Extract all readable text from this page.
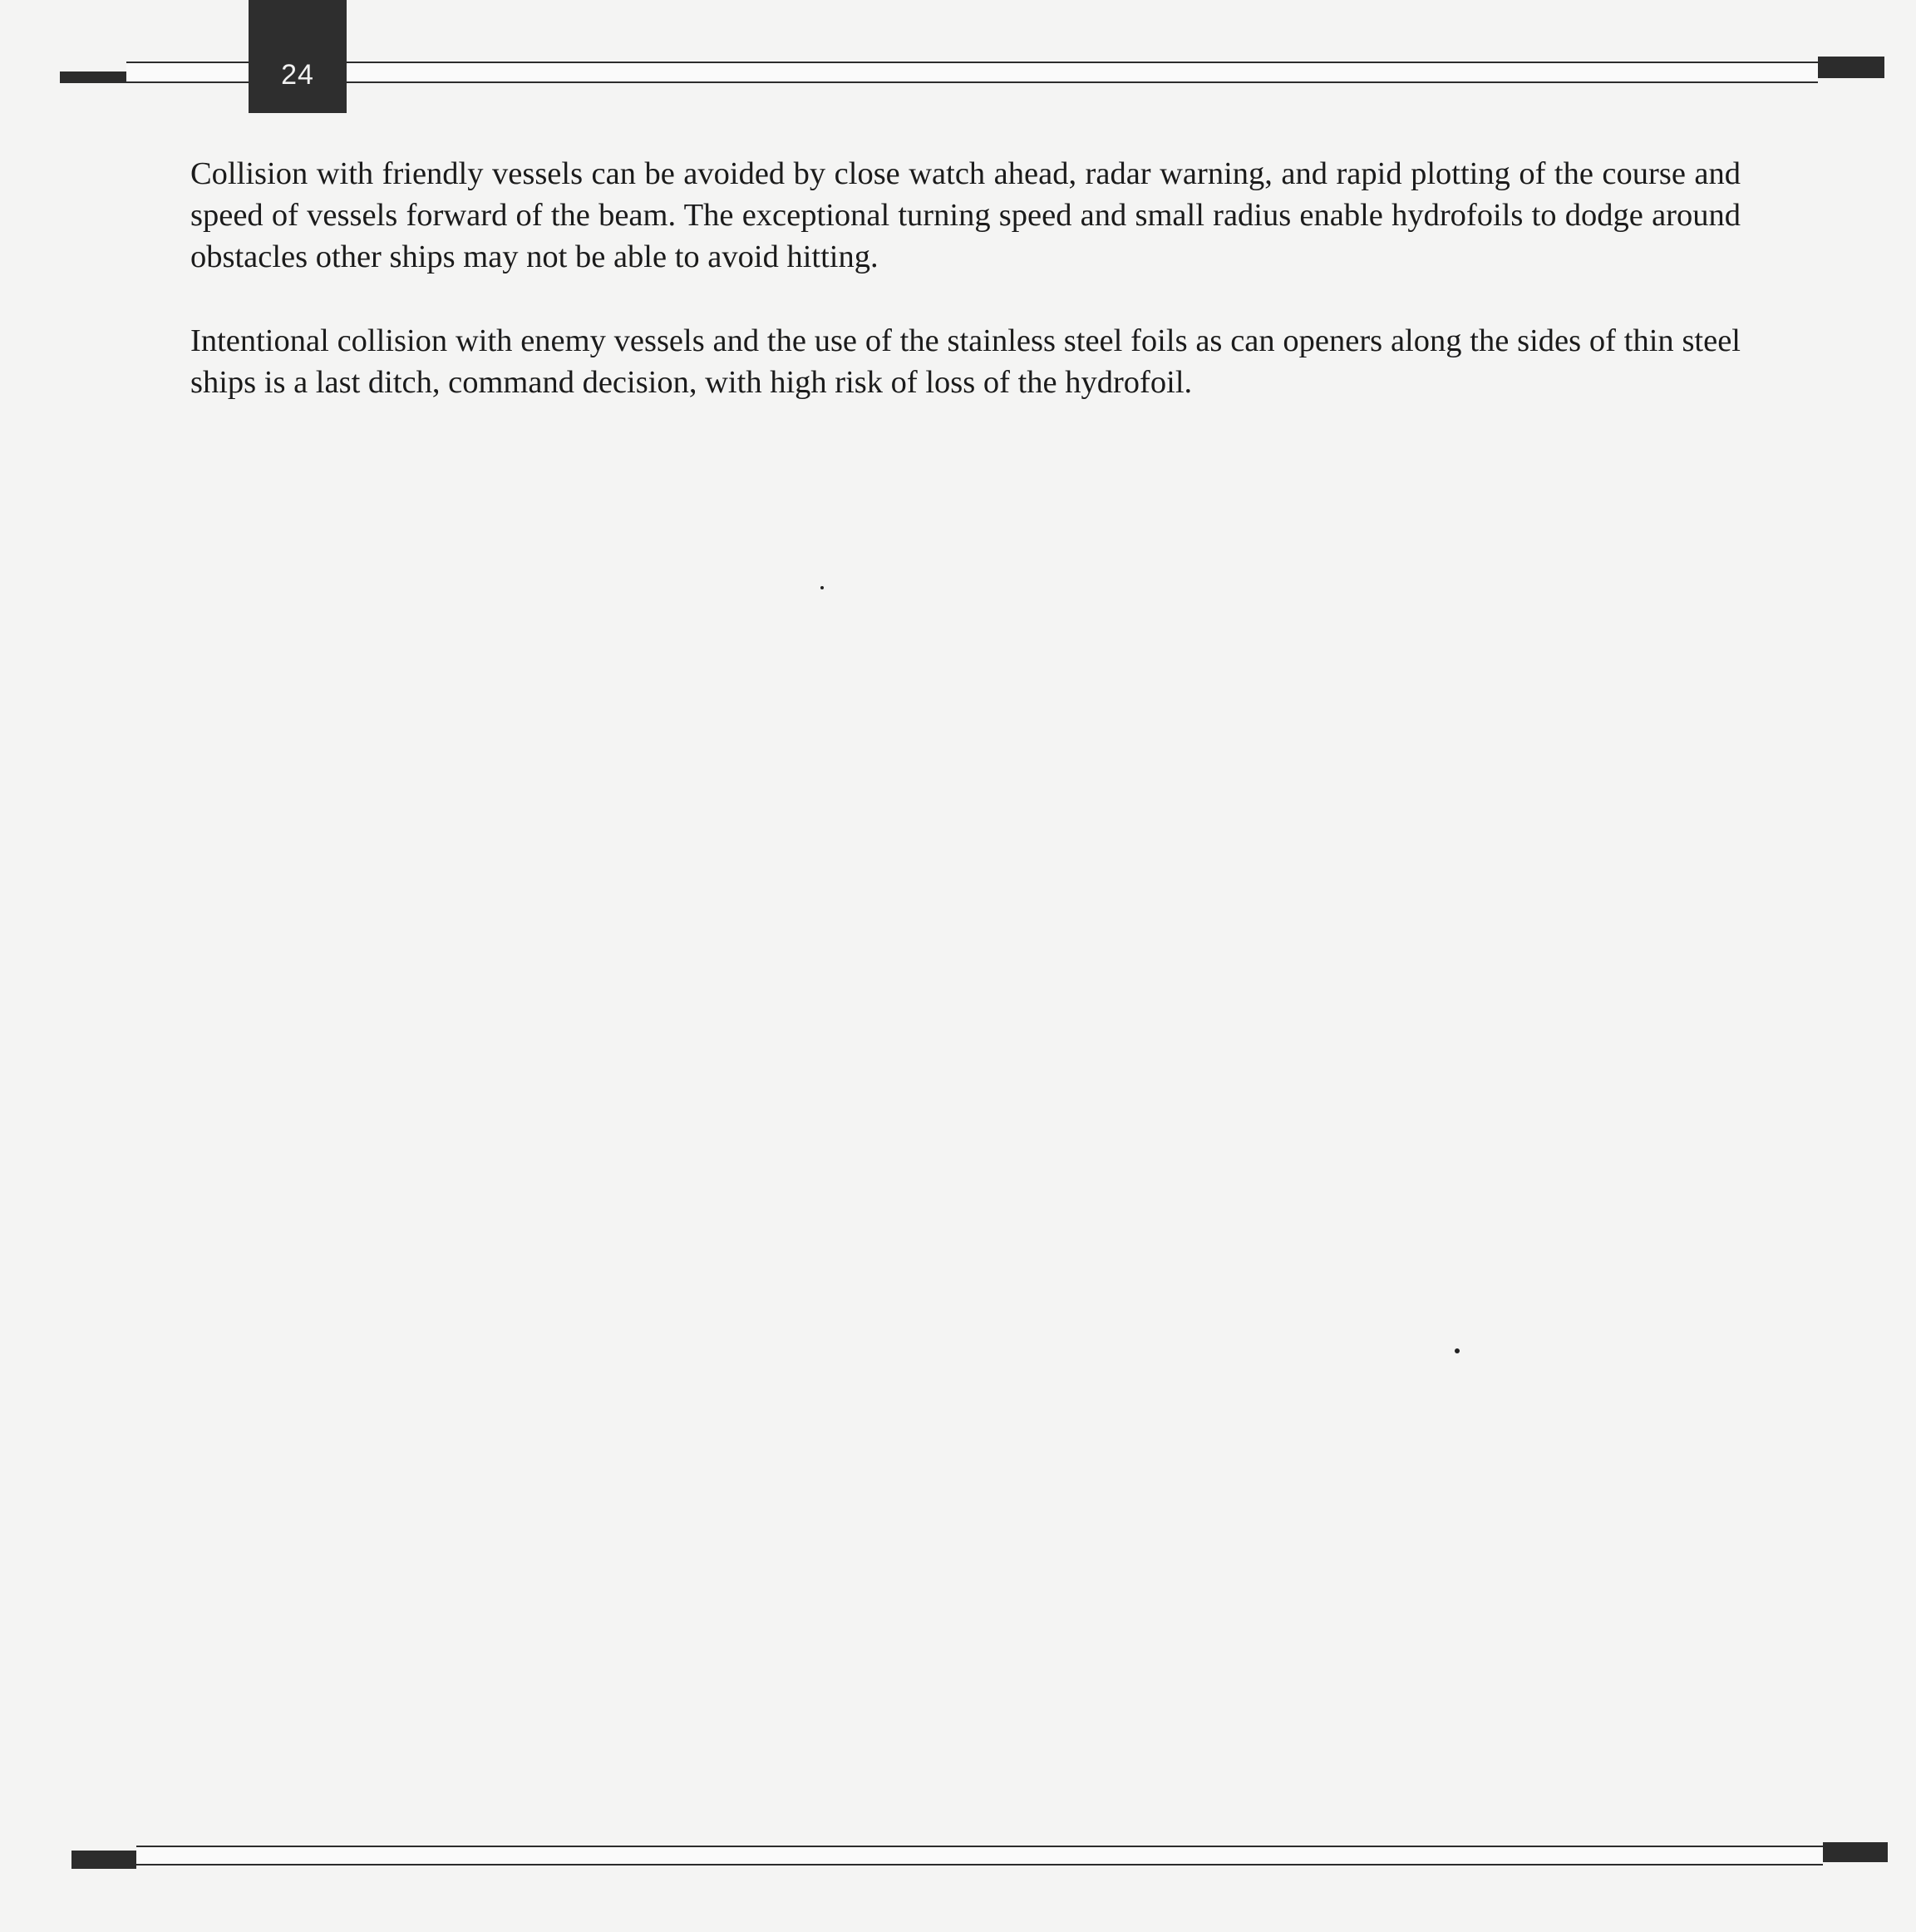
24

Collision with friendly vessels can be avoided by close watch ahead, radar warning, and rapid plotting of the course and speed of vessels forward of the beam. The exceptional turning speed and small radius enable hydrofoils to dodge around obstacles other ships may not be able to avoid hitting.

Intentional collision with enemy vessels and the use of the stainless steel foils as can openers along the sides of thin steel ships is a last ditch, command decision, with high risk of loss of the hydrofoil.
